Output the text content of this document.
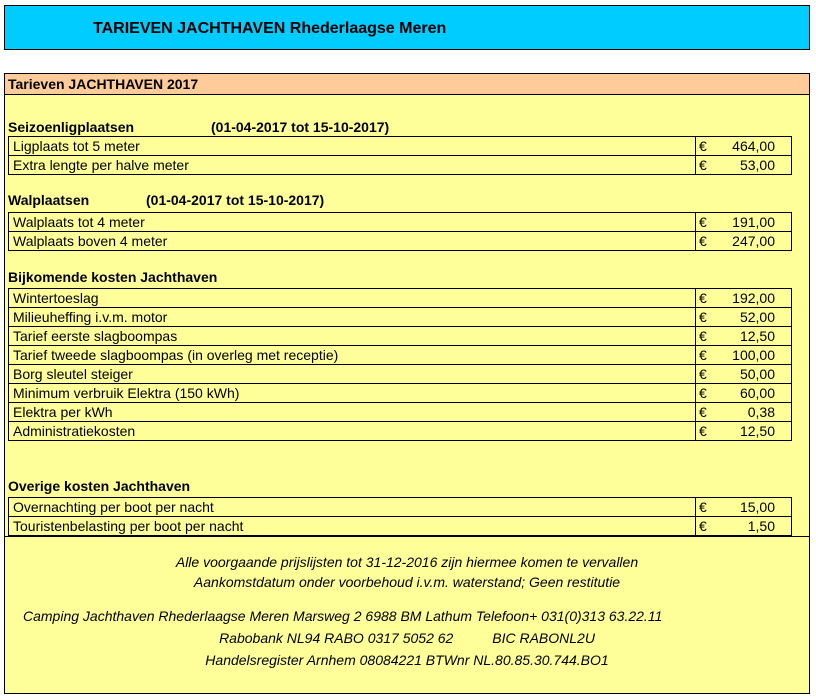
TARIEVEN JACHTHAVEN Rhederlaagse Meren
Tarieven JACHTHAVEN 2017
Seizoenligplaatsen	(01-04-2017 tot 15-10-2017)
Ligplaats tot 5 meter	€ 464,00
Extra lengte per halve meter	€ 53,00
Walplaatsen	(01-04-2017 tot 15-10-2017)
Walplaats tot 4 meter	€ 191,00
Walplaats boven 4 meter	€ 247,00
Bijkomende kosten Jachthaven
Wintertoeslag	€ 192,00
Milieuheffing i.v.m. motor	€ 52,00
Tarief eerste slagboompas	€ 12,50
Tarief tweede slagboompas (in overleg met receptie)	€ 100,00
Borg sleutel steiger	€ 50,00
Minimum verbruik Elektra (150 kWh)	€ 60,00
Elektra per kWh	€	0,38
Administratiekosten	€ 12,50
Overige kosten Jachthaven
Overnachting per boot per nacht	€ 15,00
Touristenbelasting per boot per nacht	€	1,50
Alle voorgaande prijslijsten tot 31-12-2016 zijn hiermee komen te vervallen
Aankomstdatum onder voorbehoud i.v.m. waterstand; Geen restitutie
Camping Jachthaven Rhederlaagse Meren Marsweg 2 6988 BM Lathum Telefoon+ 031(0)313 63.22.11
Rabobank NL94 RABO 0317 5052 62          BIC RABONL2U
Handelsregister Arnhem 08084221 BTWnr NL.80.85.30.744.BO1
